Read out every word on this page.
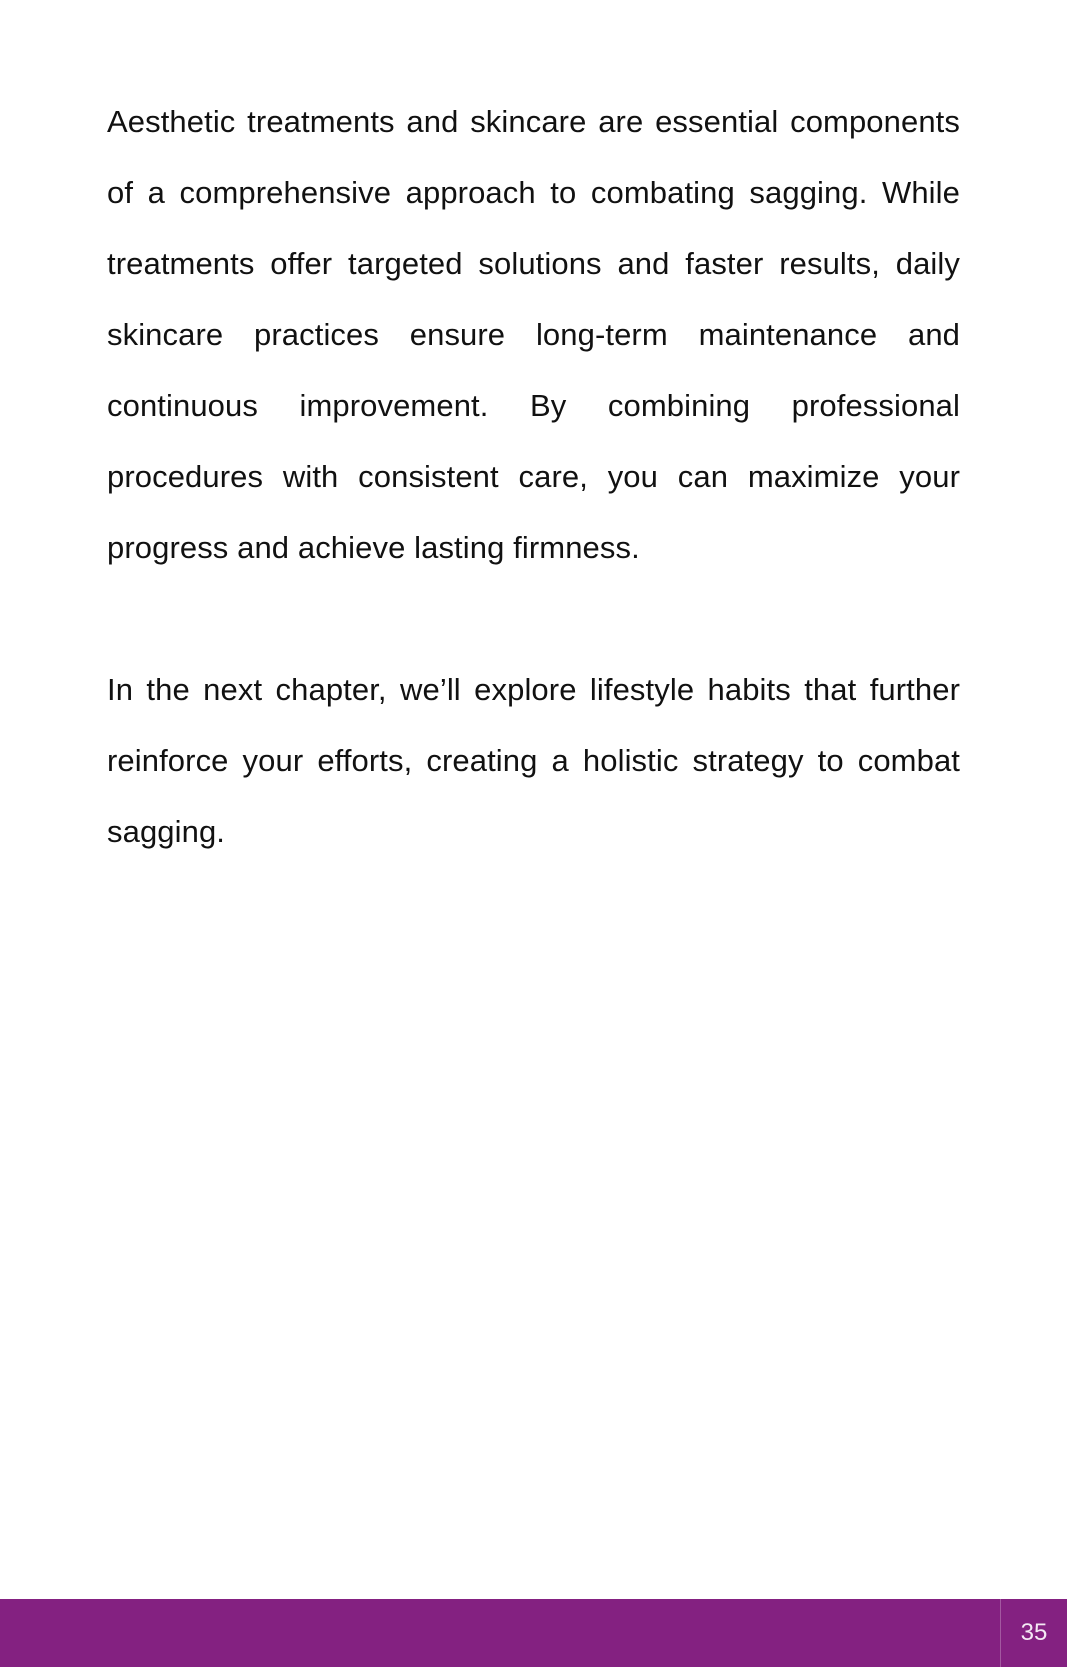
Aesthetic treatments and skincare are essential components of a comprehensive approach to combating sagging. While treatments offer targeted solutions and faster results, daily skincare practices ensure long-term maintenance and continuous improvement. By combining professional procedures with consistent care, you can maximize your progress and achieve lasting firmness.

In the next chapter, we’ll explore lifestyle habits that further reinforce your efforts, creating a holistic strategy to combat sagging.

35
